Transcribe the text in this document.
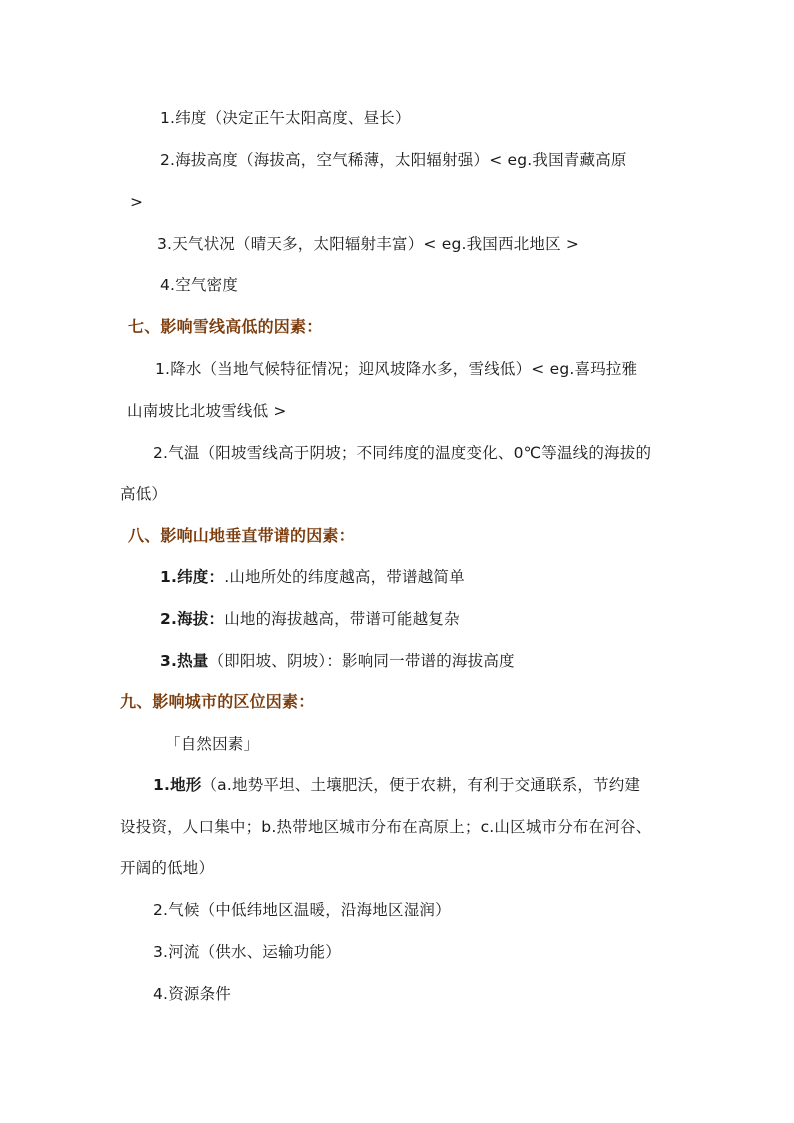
1.纬度（决定正午太阳高度、昼长）
2.海拔高度（海拔高，空气稀薄，太阳辐射强）< eg.我国青藏高原
>
3.天气状况（晴天多，太阳辐射丰富）< eg.我国西北地区 >
4.空气密度
七、影响雪线高低的因素：
1.降水（当地气候特征情况；迎风坡降水多，雪线低）< eg.喜玛拉雅
山南坡比北坡雪线低 >
2.气温（阳坡雪线高于阴坡；不同纬度的温度变化、0℃等温线的海拔的
高低）
八、影响山地垂直带谱的因素：
1.纬度：.山地所处的纬度越高，带谱越简单
2.海拔：山地的海拔越高，带谱可能越复杂
3.热量（即阳坡、阴坡）：影响同一带谱的海拔高度
九、影响城市的区位因素：
「自然因素」
1.地形（a.地势平坦、土壤肥沃，便于农耕，有利于交通联系，节约建
设投资，人口集中；b.热带地区城市分布在高原上；c.山区城市分布在河谷、
开阔的低地）
2.气候（中低纬地区温暖，沿海地区湿润）
3.河流（供水、运输功能）
4.资源条件
